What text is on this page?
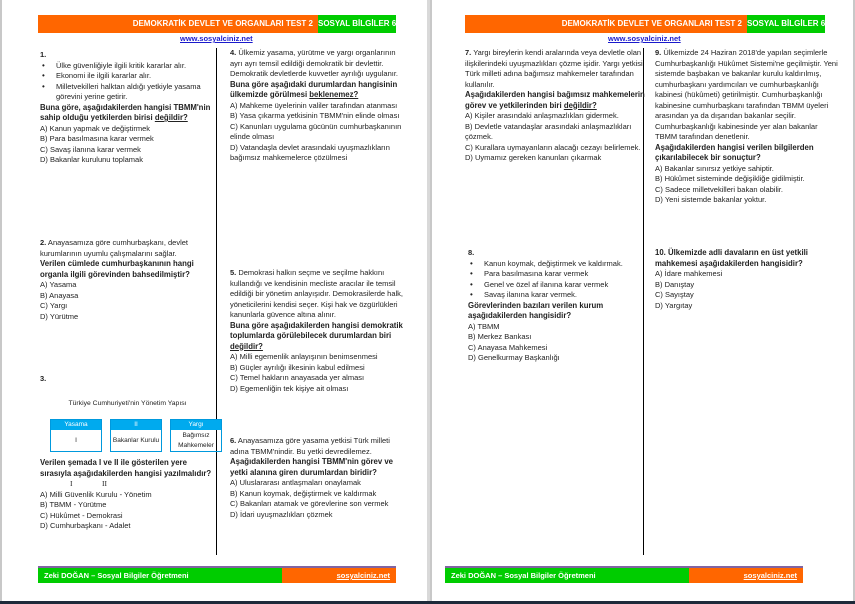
DEMOKRATİK DEVLET VE ORGANLARI TEST 2 SOSYAL BİLGİLER 6
www.sosyalciniz.net
1.
• Ülke güvenliğiyle ilgili kritik kararlar alır.
• Ekonomi ile ilgili kararlar alır.
• Milletvekilleri halktan aldığı yetkiyle yasama görevini yerine getirir.
Buna göre, aşağıdakilerden hangisi TBMM'nin sahip olduğu yetkilerden birisi değildir?
A) Kanun yapmak ve değiştirmek
B) Para basılmasına karar vermek
C) Savaş ilanına karar vermek
D) Bakanlar kurulunu toplamak
2. Anayasamıza göre cumhurbaşkanı, devlet kurumlarının uyumlu çalışmalarını sağlar.
Verilen cümlede cumhurbaşkanının hangi organla ilgili görevinden bahsedilmiştir?
A) Yasama
B) Anayasa
C) Yargı
D) Yürütme
3.
Türkiye Cumhuriyeti'nin Yönetim Yapısı
Yasama
I
II
Bakanlar Kurulu
Yargı
Bağımsız Mahkemeler
Verilen şemada I ve II ile gösterilen yere sırasıyla aşağıdakilerden hangisi yazılmalıdır?
I	II
A) Milli Güvenlik Kurulu - Yönetim
B) TBMM - Yürütme
C) Hükûmet - Demokrasi
D) Cumhurbaşkanı - Adalet
4. Ülkemiz yasama, yürütme ve yargı organlarının ayrı ayrı temsil edildiği demokratik bir devlettir. Demokratik devletlerde kuvvetler ayrılığı uygulanır.
Buna göre aşağıdaki durumlardan hangisinin ülkemizde görülmesi beklenemez?
A) Mahkeme üyelerinin valiler tarafından atanması
B) Yasa çıkarma yetkisinin TBMM'nin elinde olması
C) Kanunları uygulama gücünün cumhurbaşkanının elinde olması
D) Vatandaşla devlet arasındaki uyuşmazlıkların bağımsız mahkemelerce çözülmesi
5. Demokrasi halkın seçme ve seçilme hakkını kullandığı ve kendisinin mecliste aracılar ile temsil edildiği bir yönetim anlayışıdır. Demokrasilerde halk, yöneticilerini kendisi seçer. Kişi hak ve özgürlükleri kanunlarla güvence altına alınır.
Buna göre aşağıdakilerden hangisi demokratik toplumlarda görülebilecek durumlardan biri değildir?
A) Milli egemenlik anlayışının benimsenmesi
B) Güçler ayrılığı ilkesinin kabul edilmesi
C) Temel hakların anayasada yer alması
D) Egemenliğin tek kişiye ait olması
6. Anayasamıza göre yasama yetkisi Türk milleti adına TBMM'nindir. Bu yetki devredilemez.
Aşağıdakilerden hangisi TBMM'nin görev ve yetki alanına giren durumlardan biridir?
A) Uluslararası antlaşmaları onaylamak
B) Kanun koymak, değiştirmek ve kaldırmak
C) Bakanları atamak ve görevlerine son vermek
D) İdari uyuşmazlıkları çözmek
Zeki DOĞAN – Sosyal Bilgiler Öğretmeni	sosyalciniz.net
DEMOKRATİK DEVLET VE ORGANLARI TEST 2 SOSYAL BİLGİLER 6
www.sosyalciniz.net
7. Yargı bireylerin kendi aralarında veya devletle olan ilişkilerindeki uyuşmazlıkları çözme işidir. Yargı yetkisi Türk milleti adına bağımsız mahkemeler tarafından kullanılır.
Aşağıdakilerden hangisi bağımsız mahkemelerin görev ve yetkilerinden biri değildir?
A) Kişiler arasındaki anlaşmazlıkları gidermek.
B) Devletle vatandaşlar arasındaki anlaşmazlıkları çözmek.
C) Kurallara uymayanların alacağı cezayı belirlemek.
D) Uymamız gereken kanunları çıkarmak
8.
• Kanun koymak, değiştirmek ve kaldırmak.
• Para basılmasına karar vermek
• Genel ve özel af ilanına karar vermek
• Savaş ilanına karar vermek.
Görevlerinden bazıları verilen kurum aşağıdakilerden hangisidir?
A) TBMM
B) Merkez Bankası
C) Anayasa Mahkemesi
D) Genelkurmay Başkanlığı
9. Ülkemizde 24 Haziran 2018'de yapılan seçimlerle Cumhurbaşkanlığı Hükûmet Sistemi'ne geçilmiştir. Yeni sistemde başbakan ve bakanlar kurulu kaldırılmış, cumhurbaşkanı yardımcıları ve cumhurbaşkanlığı kabinesi (hükûmeti) getirilmiştir. Cumhurbaşkanlığı kabinesine cumhurbaşkanı tarafından TBMM üyeleri arasından ya da dışarıdan bakanlar seçilir. Cumhurbaşkanlığı kabinesinde yer alan bakanlar TBMM tarafından denetlenir.
Aşağıdakilerden hangisi verilen bilgilerden çıkarılabilecek bir sonuçtur?
A) Bakanlar sınırsız yetkiye sahiptir.
B) Hükûmet sisteminde değişikliğe gidilmiştir.
C) Sadece milletvekilleri bakan olabilir.
D) Yeni sistemde bakanlar yoktur.
10. Ülkemizde adli davaların en üst yetkili mahkemesi aşağıdakilerden hangisidir?
A) İdare mahkemesi
B) Danıştay
C) Sayıştay
D) Yargıtay
Zeki DOĞAN – Sosyal Bilgiler Öğretmeni	sosyalciniz.net
